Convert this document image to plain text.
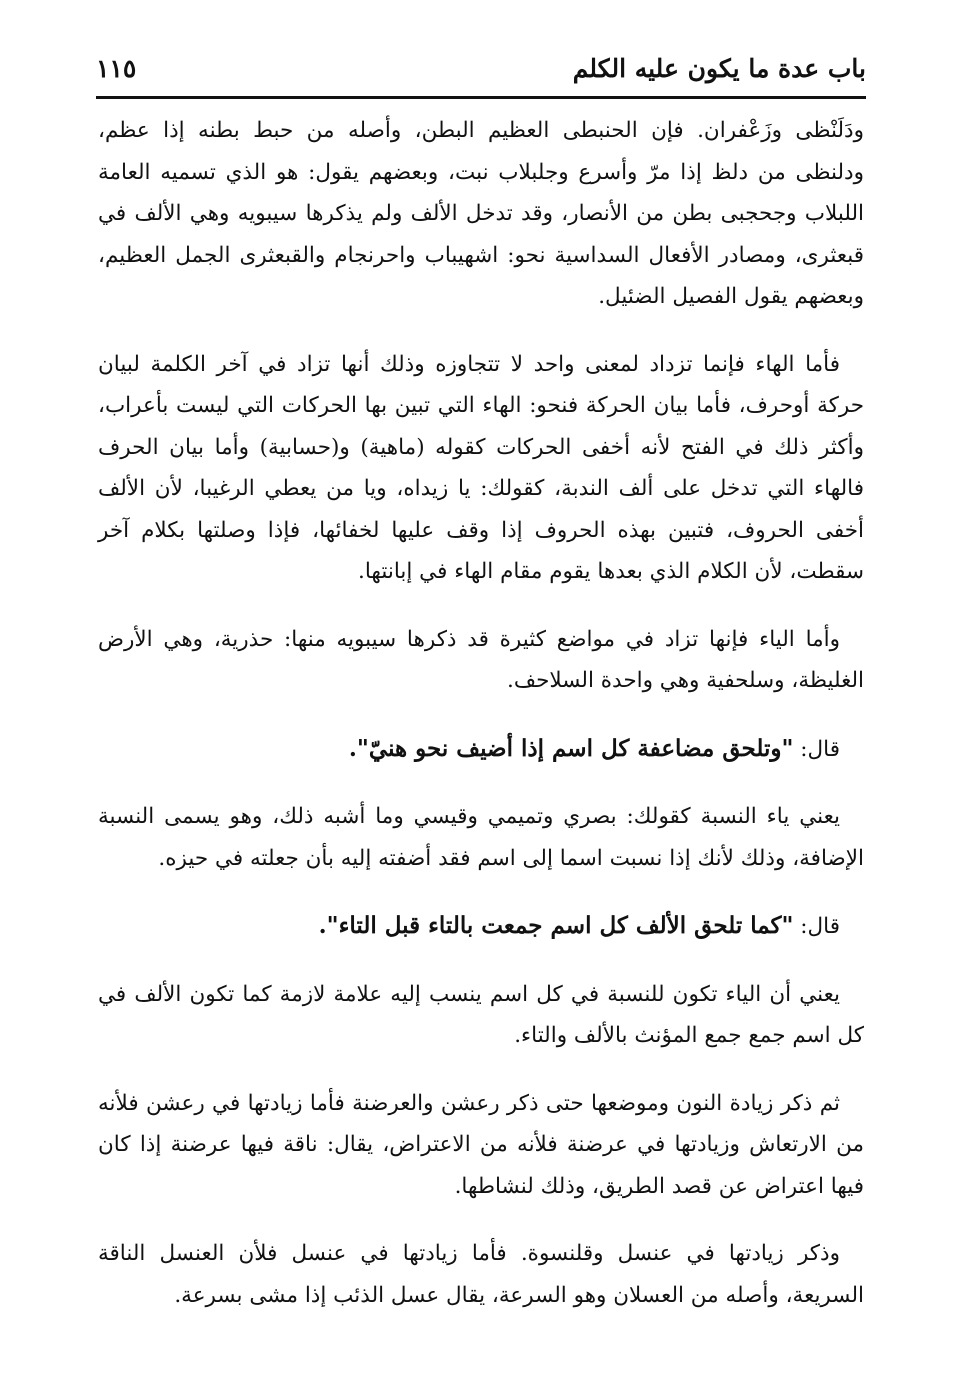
باب عدة ما يكون عليه الكلم
١١٥

ودَلَنْظى وزَعْفران. فإن الحنبطى العظيم البطن، وأصله من حبط بطنه إذا عظم، ودلنظى من دلظ إذا مرّ وأسرع وجلبلاب نبت، وبعضهم يقول: هو الذي تسميه العامة اللبلاب وجحجبى بطن من الأنصار، وقد تدخل الألف ولم يذكرها سيبويه وهي الألف في قبعثرى، ومصادر الأفعال السداسية نحو: اشهيباب واحرنجام والقبعثرى الجمل العظيم، وبعضهم يقول الفصيل الضئيل.

فأما الهاء فإنما تزداد لمعنى واحد لا تتجاوزه وذلك أنها تزاد في آخر الكلمة لبيان حركة أوحرف، فأما بيان الحركة فنحو: الهاء التي تبين بها الحركات التي ليست بأعراب، وأكثر ذلك في الفتح لأنه أخفى الحركات كقوله (ماهية) و(حسابية) وأما بيان الحرف فالهاء التي تدخل على ألف الندبة، كقولك: يا زيداه، ويا من يعطي الرغيبا، لأن الألف أخفى الحروف، فتبين بهذه الحروف إذا وقف عليها لخفائها، فإذا وصلتها بكلام آخر سقطت، لأن الكلام الذي بعدها يقوم مقام الهاء في إبانتها.

وأما الياء فإنها تزاد في مواضع كثيرة قد ذكرها سيبويه منها: حذرية، وهي الأرض الغليظة، وسلحفية وهي واحدة السلاحف.

قال: "وتلحق مضاعفة كل اسم إذا أضيف نحو هنيّ".

يعني ياء النسبة كقولك: بصري وتميمي وقيسي وما أشبه ذلك، وهو يسمى النسبة الإضافة، وذلك لأنك إذا نسبت اسما إلى اسم فقد أضفته إليه بأن جعلته في حيزه.

قال: "كما تلحق الألف كل اسم جمعت بالتاء قبل التاء".

يعني أن الياء تكون للنسبة في كل اسم ينسب إليه علامة لازمة كما تكون الألف في كل اسم جمع جمع المؤنث بالألف والتاء.

ثم ذكر زيادة النون وموضعها حتى ذكر رعشن والعرضنة فأما زيادتها في رعشن فلأنه من الارتعاش وزيادتها في عرضنة فلأنه من الاعتراض، يقال: ناقة فيها عرضنة إذا كان فيها اعتراض عن قصد الطريق، وذلك لنشاطها.

وذكر زيادتها في عنسل وقلنسوة. فأما زيادتها في عنسل فلأن العنسل الناقة السريعة، وأصله من العسلان وهو السرعة، يقال عسل الذئب إذا مشى بسرعة.
